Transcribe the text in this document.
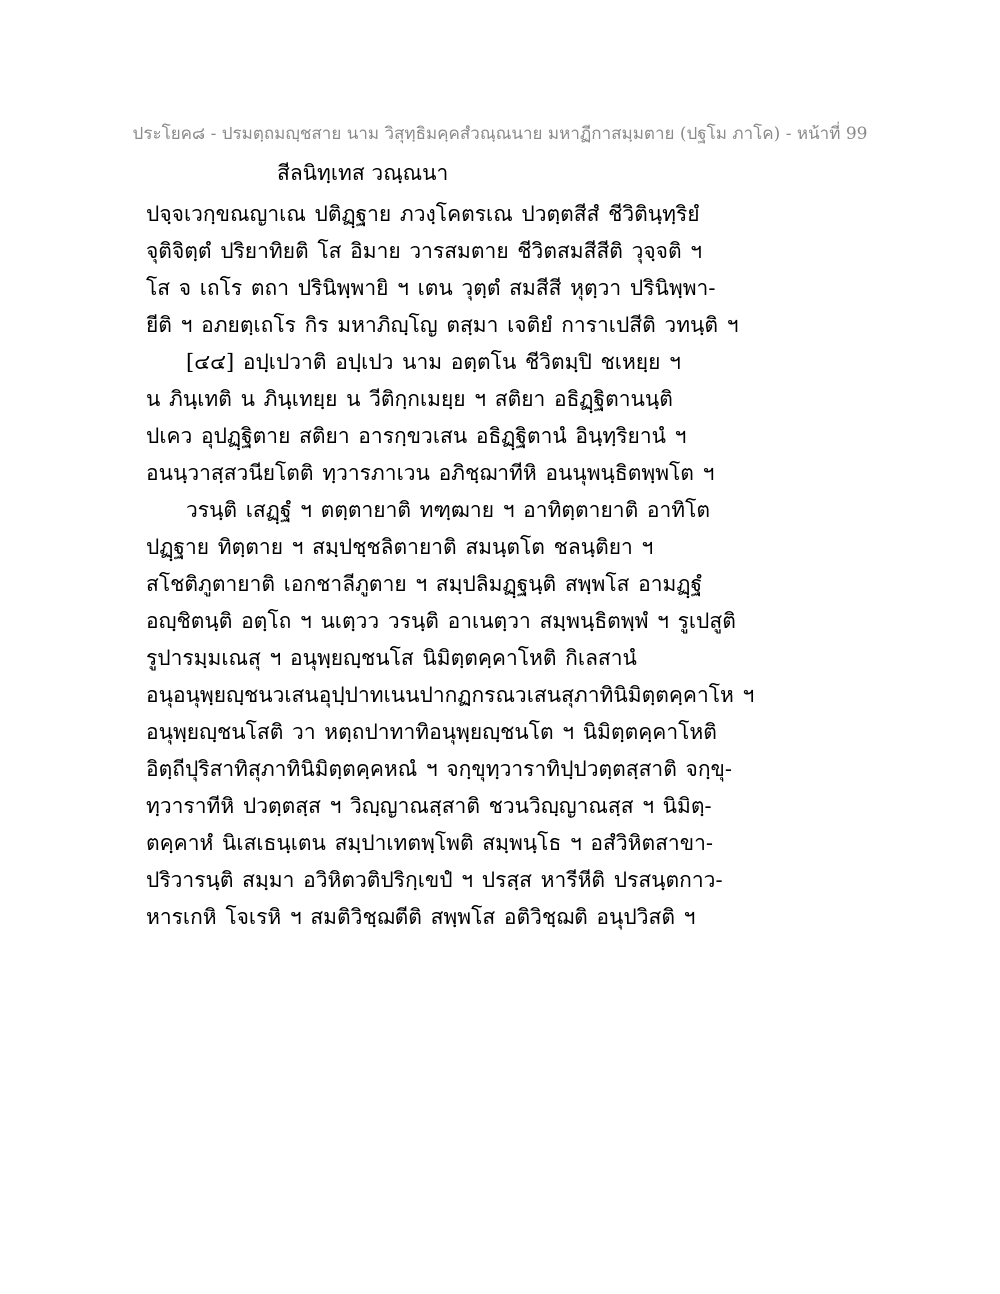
ประโยค๘ - ปรมตฺถมญฺชสาย นาม วิสุทฺธิมคฺคสํวณฺณนาย มหาฏีกาสมฺมตาย (ปฐโม ภาโค) - หน้าที่ 99
สีลนิทฺเทส วณฺณนา
ปจฺจเวกฺขณญาเณ ปติฏฺฐาย ภวงฺโคตรเณ ปวตฺตสีสํ ชีวิตินฺทฺริยํ
จุติจิตฺตํ ปริยาทิยติ โส อิมาย วารสมตาย ชีวิตสมสีสีติ วุจฺจติ ฯ
โส จ เถโร ตถา ปรินิพฺพายิ ฯ เตน วุตฺตํ สมสีสี หุตฺวา ปรินิพฺพา-
ยีติ ฯ อภยตฺเถโร กิร มหาภิญฺโญ ตสฺมา เจติยํ การาเปสีติ วทนฺติ ฯ
[๔๔] อปฺเปวาติ อปฺเปว นาม อตฺตโน ชีวิตมฺปิ ชเหยฺย ฯ
น ภินฺเทติ น ภินฺเทยฺย น วีติกฺกเมยฺย ฯ สติยา อธิฏฺฐิตานนฺติ
ปเคว อุปฏฺฐิตาย สติยา อารกฺขวเสน อธิฏฺฐิตานํ อินฺทฺริยานํ ฯ
อนนฺวาสฺสวนียโตติ ทฺวารภาเวน อภิชฺฌาทีหิ อนนุพนฺธิตพฺพโต ฯ
วรนฺติ เสฏฺฐํ ฯ ตตฺตายาติ ทฑฺฒาย ฯ อาทิตฺตายาติ อาทิโต
ปฏฺฐาย ทิตฺตาย ฯ สมฺปชฺชลิตายาติ สมนฺตโต ชลนฺติยา ฯ
สโชติภูตายาติ เอกชาลีภูตาย ฯ สมฺปลิมฏฺฐนฺติ สพฺพโส อามฏฺฐํ
อญฺชิตนฺติ อตฺโถ ฯ นเตฺวว วรนฺติ อาเนตฺวา สมฺพนฺธิตพฺพํ ฯ รูเปสูติ
รูปารมฺมเณสุ ฯ อนุพฺยญฺชนโส นิมิตฺตคฺคาโหติ กิเลสานํ
อนุอนุพฺยญฺชนวเสนอุปฺปาทเนนปากฏกรณวเสนสุภาทินิมิตฺตคฺคาโห ฯ
อนุพฺยญฺชนโสติ วา หตฺถปาทาทิอนุพฺยญฺชนโต ฯ นิมิตฺตคฺคาโหติ
อิตฺถีปุริสาทิสุภาทินิมิตฺตคฺคหณํ ฯ จกฺขุทฺวาราทิปฺปวตฺตสฺสาติ จกฺขุ-
ทฺวาราทีหิ ปวตฺตสฺส ฯ วิญฺญาณสฺสาติ ชวนวิญฺญาณสฺส ฯ นิมิตฺ-
ตคฺคาหํ นิเสเธนฺเตน สมฺปาเทตพฺโพติ สมฺพนฺโธ ฯ อสํวิหิตสาขา-
ปริวารนฺติ สมฺมา อวิหิตวติปริกฺเขปํ ฯ ปรสฺส หารีหีติ ปรสนฺตกาว-
หารเกหิ โจเรหิ ฯ สมติวิชฺฌตีติ สพฺพโส อติวิชฺฌติ อนุปวิสติ ฯ
